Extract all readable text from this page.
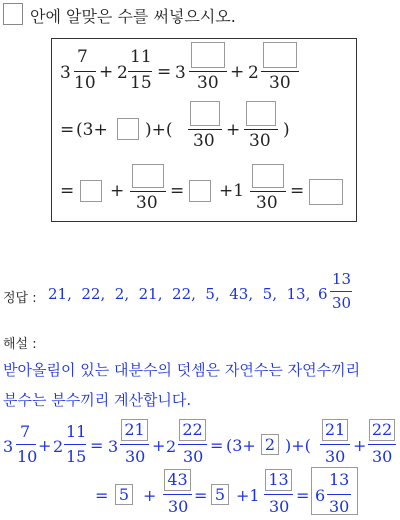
안에 알맞은 수를 써넣으시오.
3
7
10
+ 2
11
15
= 3 30
+ 2 30
= (3+ )+(
30
+
30
)
= +
30
= +1
30
=
정답 : 21,  22,  2,  21,  22,  5,  43,  5,  13, 6
13
30
해설 :
받아올림이 있는 대분수의 덧셈은 자연수는 자연수끼리
분수는 분수끼리 계산합니다.
3
7
10
+ 2
11
15
= 3
21
30
+ 2
22
30
= (3+ 2 )+(
21
30
+
22
30
= 5 +
43
30
= 5 +1
13
30
= 6
13
30
